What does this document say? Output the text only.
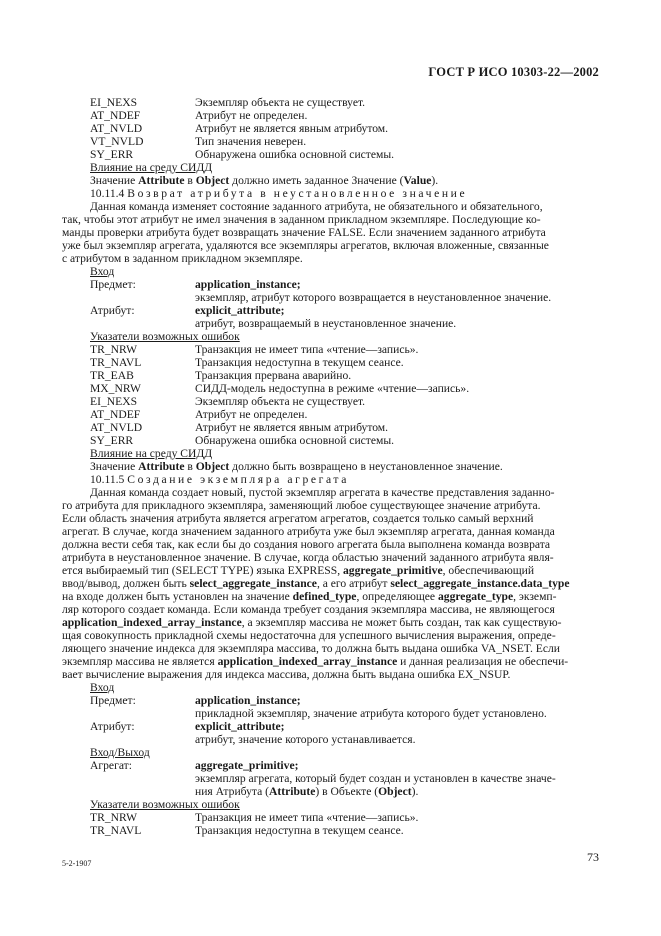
ГОСТ Р ИСО 10303-22—2002
EI_NEXS	Экземпляр объекта не существует.
AT_NDEF	Атрибут не определен.
AT_NVLD	Атрибут не является явным атрибутом.
VT_NVLD	Тип значения неверен.
SY_ERR	Обнаружена ошибка основной системы.
Влияние на среду СИДД
Значение Attribute в Object должно иметь заданное Значение (Value).
10.11.4 Возврат атрибута в неустановленное значение
Данная команда изменяет состояние заданного атрибута, не обязательного и обязательного,
так, чтобы этот атрибут не имел значения в заданном прикладном экземпляре. Последующие ко-
манды проверки атрибута будет возвращать значение FALSE. Если значением заданного атрибута
уже был экземпляр агрегата, удаляются все экземпляры агрегатов, включая вложенные, связанные
с атрибутом в заданном прикладном экземпляре.
Вход
Предмет:	application_instance;
экземпляр, атрибут которого возвращается в неустановленное значение.
Атрибут:	explicit_attribute;
атрибут, возвращаемый в неустановленное значение.
Указатели возможных ошибок
TR_NRW	Транзакция не имеет типа «чтение—запись».
TR_NAVL	Транзакция недоступна в текущем сеансе.
TR_EAB	Транзакция прервана аварийно.
MX_NRW	СИДД-модель недоступна в режиме «чтение—запись».
EI_NEXS	Экземпляр объекта не существует.
AT_NDEF	Атрибут не определен.
AT_NVLD	Атрибут не является явным атрибутом.
SY_ERR	Обнаружена ошибка основной системы.
Влияние на среду СИДД
Значение Attribute в Object должно быть возвращено в неустановленное значение.
10.11.5 Создание экземпляра агрегата
Данная команда создает новый, пустой экземпляр агрегата в качестве представления заданно-
го атрибута для прикладного экземпляра, заменяющий любое существующее значение атрибута.
Если область значения атрибута является агрегатом агрегатов, создается только самый верхний
агрегат. В случае, когда значением заданного атрибута уже был экземпляр агрегата, данная команда
должна вести себя так, как если бы до создания нового агрегата была выполнена команда возврата
атрибута в неустановленное значение. В случае, когда областью значений заданного атрибута явля-
ется выбираемый тип (SELECT TYPE) языка EXPRESS, aggregate_primitive, обеспечивающий
ввод/вывод, должен быть select_aggregate_instance, а его атрибут select_aggregate_instance.data_type
на входе должен быть установлен на значение defined_type, определяющее aggregate_type, экземп-
ляр которого создает команда. Если команда требует создания экземпляра массива, не являющегося
application_indexed_array_instance, а экземпляр массива не может быть создан, так как существую-
щая совокупность прикладной схемы недостаточна для успешного вычисления выражения, опреде-
ляющего значение индекса для экземпляра массива, то должна быть выдана ошибка VA_NSET. Если
экземпляр массива не является application_indexed_array_instance и данная реализация не обеспечи-
вает вычисление выражения для индекса массива, должна быть выдана ошибка EX_NSUP.
Вход
Предмет:	application_instance;
прикладной экземпляр, значение атрибута которого будет установлено.
Атрибут:	explicit_attribute;
атрибут, значение которого устанавливается.
Вход/Выход
Агрегат:	aggregate_primitive;
экземпляр агрегата, который будет создан и установлен в качестве значе-
ния Атрибута (Attribute) в Объекте (Object).
Указатели возможных ошибок
TR_NRW	Транзакция не имеет типа «чтение—запись».
TR_NAVL	Транзакция недоступна в текущем сеансе.
5-2-1907	73
